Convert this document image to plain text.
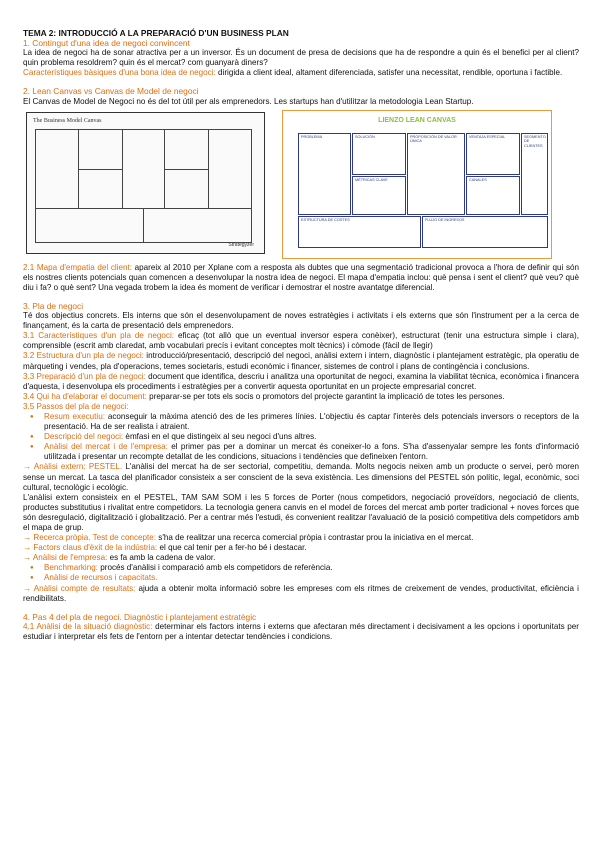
TEMA 2: INTRODUCCIÓ A LA PREPARACIÓ D'UN BUSINESS PLAN
1. Contingut d'una idea de negoci convincent

La idea de negoci ha de sonar atractiva per a un inversor. És un document de presa de decisions que ha de respondre a quin és el benefici per al client? quin problema resoldrem? quin és el mercat? com guanyarà diners?

Característiques bàsiques d'una bona idea de negoci: dirigida a client ideal, altament diferenciada, satisfer una necessitat, rendible, oportuna i factible.

2. Lean Canvas vs Canvas de Model de negoci

El Canvas de Model de Negoci no és del tot útil per als emprenedors. Les startups han d'utilitzar la metodologia Lean Startup.

The Business Model Canvas
Strategyzer
LIENZO LEAN CANVAS
PROBLEMA	SOLUCIÓN
MÉTRICAS CLAVE
PROPOSICIÓN DE VALOR ÚNICA
VENTAJA ESPECIAL
CANALES
SEGMENTO DE CLIENTES
ESTRUCTURA DE COSTES	FLUJO DE INGRESOS

2.1 Mapa d'empatia del client: apareix al 2010 per Xplane com a resposta als dubtes que una segmentació tradicional provoca a l'hora de definir qui són els nostres clients potencials quan comencen a desenvolupar la nostra idea de negoci. El mapa d'empatia inclou: què pensa i sent el client? què veu? què diu i fa? o què sent? Una vegada trobem la idea és moment de verificar i demostrar el nostre avantatge diferencial.

3. Pla de negoci

Té dos objectius concrets. Els interns que són el desenvolupament de noves estratègies i activitats i els externs que són l'instrument per a la cerca de finançament, és la carta de presentació dels emprenedors.

3.1 Característiques d'un pla de negoci: eficaç (tot allò que un eventual inversor espera conèixer), estructurat (tenir una estructura simple i clara), comprensible (escrit amb claredat, amb vocabulari precís i evitant conceptes molt tècnics) i còmode (fàcil de llegir)

3.2 Estructura d'un pla de negoci: introducció/presentació, descripció del negoci, anàlisi extern i intern, diagnòstic i plantejament estratègic, pla operatiu de màrqueting i vendes, pla d'operacions, temes societaris, estudi econòmic i financer, sistemes de control i plans de contingència i conclusions.

3.3 Preparació d'un pla de negoci: document que identifica, descriu i analitza una oportunitat de negoci, examina la viabilitat tècnica, econòmica i financera d'aquesta, i desenvolupa els procediments i estratègies per a convertir aquesta oportunitat en un projecte empresarial concret.

3.4 Qui ha d'elaborar el document: preparar-se per tots els socis o promotors del projecte garantint la implicació de totes les persones.

3.5 Passos del pla de negoci:

● Resum executiu: aconseguir la màxima atenció des de les primeres línies. L'objectiu és captar l'interès dels potencials inversors o receptors de la presentació. Ha de ser realista i atraient.
● Descripció del negoci: èmfasi en el que distingeix al seu negoci d'uns altres.
● Anàlisi del mercat i de l'empresa: el primer pas per a dominar un mercat és coneixer-lo a fons. S'ha d'assenyalar sempre les fonts d'informació utilitzada i presentar un recompte detallat de les condicions, situacions i tendències que defineixen l'entorn.

→ Anàlisi extern: PESTEL. L'anàlisi del mercat ha de ser sectorial, competitiu, demanda. Molts negocis neixen amb un producte o servei, però moren sense un mercat. La tasca del planificador consisteix a ser conscient de la seva existència. Les dimensions del PESTEL són polític, legal, econòmic, soci cultural, tecnològic i ecològic.

L'anàlisi extern consisteix en el PESTEL, TAM SAM SOM i les 5 forces de Porter (nous competidors, negociació proveïdors, negociació de clients, productes substitutius i rivalitat entre competidors. La tecnologia genera canvis en el model de forces del mercat amb porter tradicional + noves forces que són desregulació, digitalització i globalització. Per a centrar més l'estudi, és convenient realitzar l'avaluació de la posició competitiva dels competidors amb el mapa de grup.

→ Recerca pròpia. Test de concepte: s'ha de realitzar una recerca comercial pròpia i contrastar prou la iniciativa en el mercat.

→ Factors claus d'èxit de la indústria: el que cal tenir per a fer-ho bé i destacar.

→ Anàlisi de l'empresa: es fa amb la cadena de valor.

● Benchmarking: procés d'anàlisi i comparació amb els competidors de referència.
● Anàlisi de recursos i capacitats.

→ Anàlisi compte de resultats: ajuda a obtenir molta informació sobre les empreses com els ritmes de creixement de vendes, productivitat, eficiència i rendibilitats.

4. Pas 4 del pla de negoci. Diagnòstic i plantejament estratègic

4.1 Anàlisi de la situació diagnòstic: determinar els factors interns i externs que afectaran més directament i decisivament a les opcions i oportunitats per estudiar i interpretar els fets de l'entorn per a intentar detectar tendències i condicions.
